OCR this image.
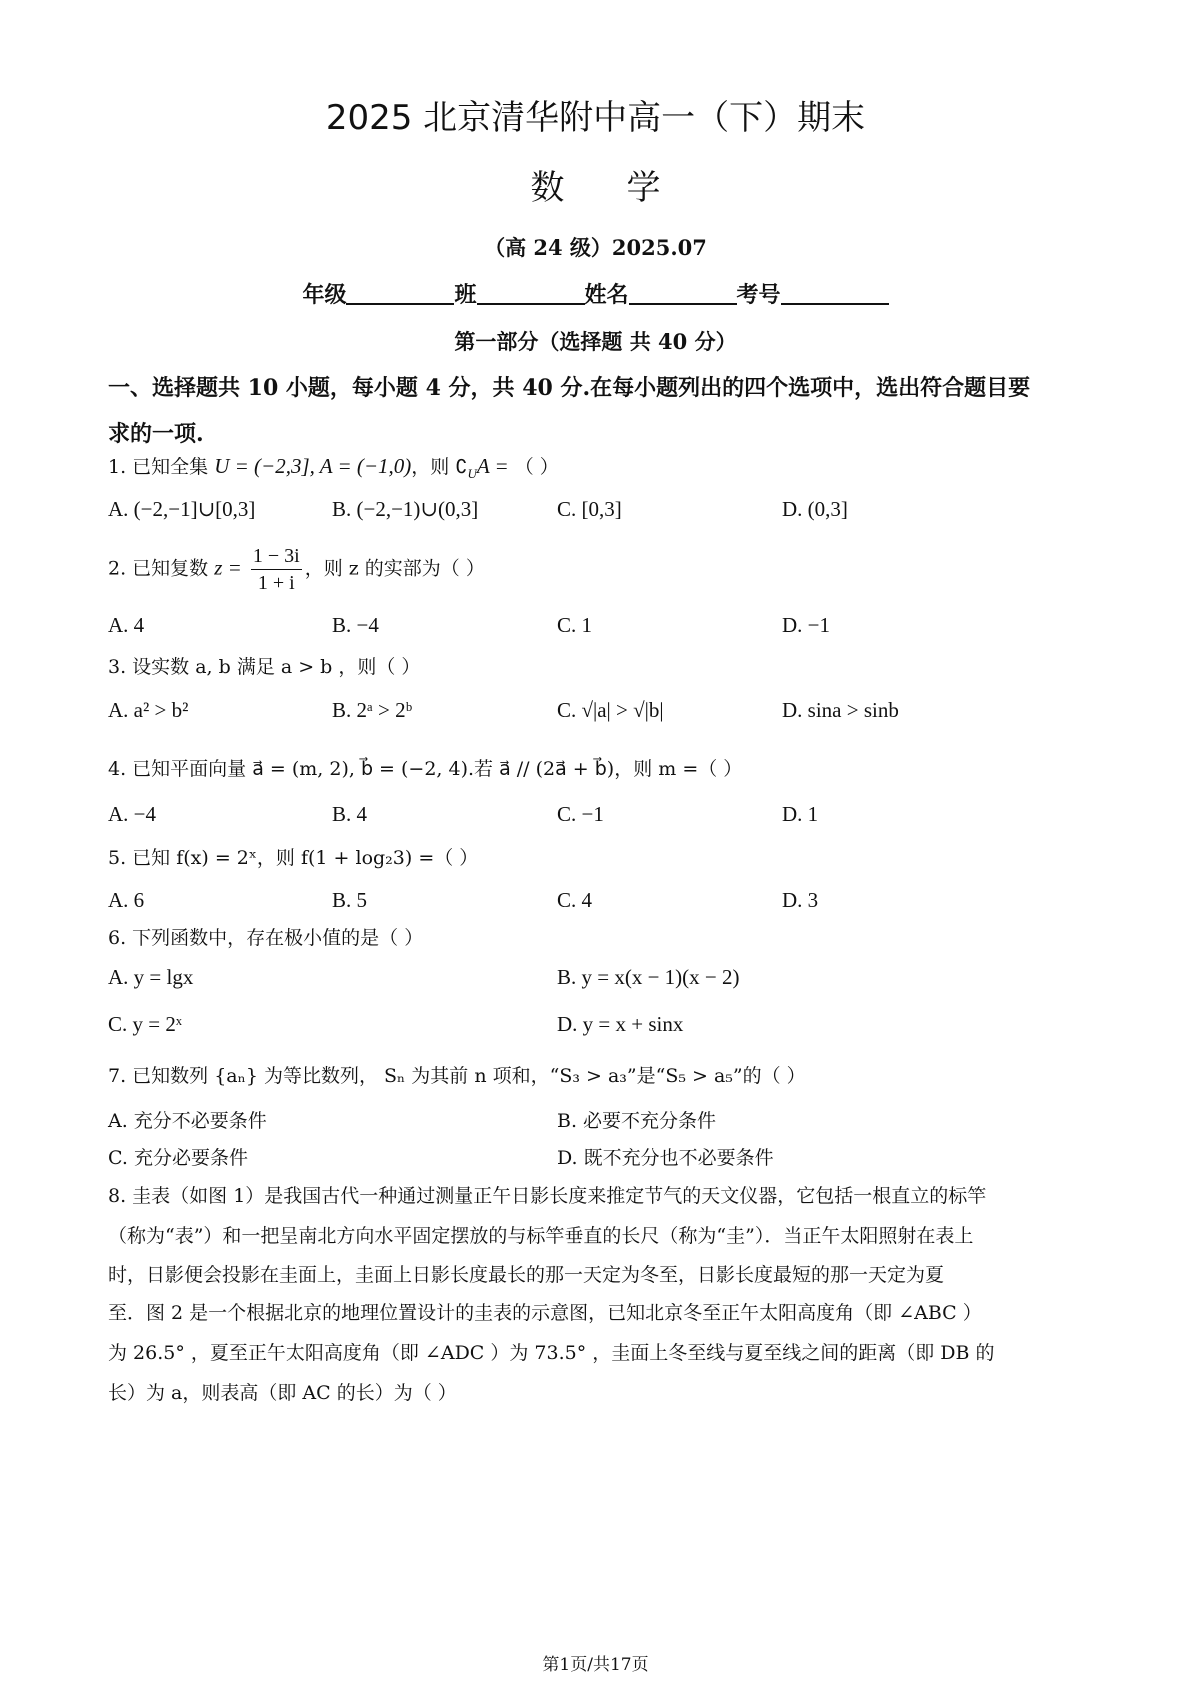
2025 北京清华附中高一（下）期末
数学
（高 24 级）2025.07
年级	班	姓名	考号
第一部分（选择题 共 40 分）
一、选择题共 10 小题，每小题 4 分，共 40 分.在每小题列出的四个选项中，选出符合题目要
求的一项.
1. 已知全集 U = (−2,3], A = (−1,0)，则 $∁_UA$ = （ ）
A. (−2,−1]∪[0,3]	B. (−2,−1)∪(0,3]	C. [0,3]	D. (0,3]
2. 已知复数 $z = \frac{1 - 3i}{1 + i}$ ，则 z 的实部为（ ）
A. 4	B. −4	C. 1	D. −1
3. 设实数 a, b 满足 a > b ，则（ ）
A. a² > b²	B. 2ᵃ > 2ᵇ	C. √|a| > √|b|	D. sina > sinb
4. 已知平面向量 a⃗ = (m, 2), b⃗ = (−2, 4).若 a⃗ // (2a⃗ + b⃗)，则 m =（ ）
A. −4	B. 4	C. −1	D. 1
5. 已知 f(x) = 2ˣ，则 f(1 + log₂3) =（ ）
A. 6	B. 5	C. 4	D. 3
6. 下列函数中，存在极小值的是（ ）
A. y = lgx	B. y = x(x − 1)(x − 2)
C. y = 2ˣ	D. y = x + sinx
7. 已知数列 {aₙ} 为等比数列， Sₙ 为其前 n 项和，“S₃ > a₃”是“S₅ > a₅”的（ ）
A. 充分不必要条件	B. 必要不充分条件
C. 充分必要条件	D. 既不充分也不必要条件
8. 圭表（如图 1）是我国古代一种通过测量正午日影长度来推定节气的天文仪器，它包括一根直立的标竿
（称为“表”）和一把呈南北方向水平固定摆放的与标竿垂直的长尺（称为“圭”）．当正午太阳照射在表上
时，日影便会投影在圭面上，圭面上日影长度最长的那一天定为冬至，日影长度最短的那一天定为夏
至．图 2 是一个根据北京的地理位置设计的圭表的示意图，已知北京冬至正午太阳高度角（即 ∠ABC ）
为 26.5° ，夏至正午太阳高度角（即 ∠ADC ）为 73.5° ，圭面上冬至线与夏至线之间的距离（即 DB 的
长）为 a，则表高（即 AC 的长）为（ ）
第1页/共17页
